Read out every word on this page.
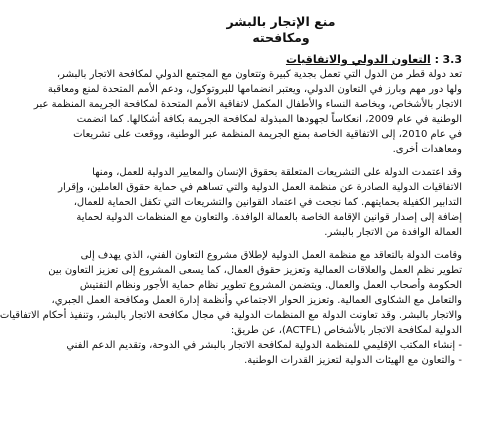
منع الإتجار بالبشر

ومكافحته

3.3 : التعاون الدولي والاتفاقيات

تعد دولة قطر من الدول التي تعمل بجدية كبيرة وتتعاون مع المجتمع الدولي لمكافحة الاتجار بالبشر،
ولها دور مهم وبارز في التعاون الدولي، ويعتبر انضمامها للبروتوكول، ودعم الأمم المتحدة لمنع ومعاقبة
الاتجار بالأشخاص، وبخاصة النساء والأطفال المكمل لاتفاقية الأمم المتحدة لمكافحة الجريمة المنظمة عبر
الوطنية في عام 2009، انعكاساً لجهودها المبذولة لمكافحة الجريمة بكافة أشكالها. كما انضمت
في عام 2010، إلى الاتفاقية الخاصة بمنع الجريمة المنظمة عبر الوطنية، ووقعت على تشريعات
ومعاهدات أخرى.
وقد اعتمدت الدولة على التشريعات المتعلقة بحقوق الإنسان والمعايير الدولية للعمل، ومنها
الاتفاقيات الدولية الصادرة عن منظمة العمل الدولية والتي تساهم في حماية حقوق العاملين، وإقرار
التدابير الكفيلة بحمايتهم. كما نجحت في اعتماد القوانين والتشريعات التي تكفل الحماية للعمال،
إضافة إلى إصدار قوانين الإقامة الخاصة بالعمالة الوافدة. والتعاون مع المنظمات الدولية لحماية
العمالة الوافدة من الاتجار بالبشر.
وقامت الدولة بالتعاقد مع منظمة العمل الدولية لإطلاق مشروع التعاون الفني، الذي يهدف إلى
تطوير نظم العمل والعلاقات العمالية وتعزيز حقوق العمال، كما يسعى المشروع إلى تعزيز التعاون بين
الحكومة وأصحاب العمل والعمال. ويتضمن المشروع تطوير نظام حماية الأجور ونظام التفتيش
والتعامل مع الشكاوى العمالية. وتعزيز الحوار الاجتماعي وأنظمة إدارة العمل ومكافحة العمل الجبري،
والاتجار بالبشر. وقد تعاونت الدولة مع المنظمات الدولية في مجال مكافحة الاتجار بالبشر، وتنفيذ أحكام الاتفاقيات
الدولية لمكافحة الاتجار بالأشخاص (ACTFL)، عن طريق:
- إنشاء المكتب الإقليمي للمنظمة الدولية لمكافحة الاتجار بالبشر في الدوحة، وتقديم الدعم الفني
- والتعاون مع الهيئات الدولية لتعزيز القدرات الوطنية.
